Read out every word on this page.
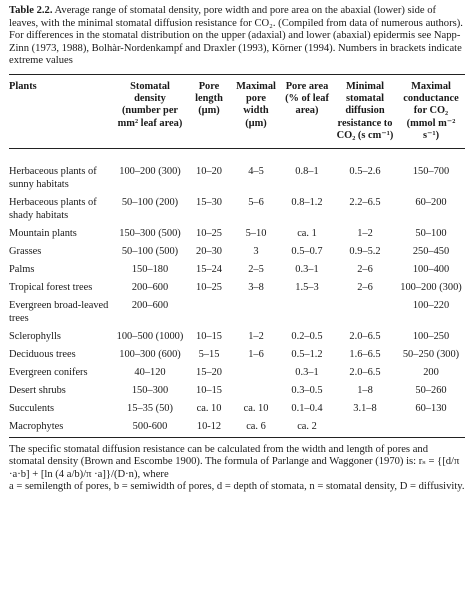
Table 2.2. Average range of stomatal density, pore width and pore area on the abaxial (lower) side of leaves, with the minimal stomatal diffusion resistance for CO₂. (Compiled from data of numerous authors). For differences in the stomatal distribution on the upper (adaxial) and lower (abaxial) epidermis see Napp-Zinn (1973, 1988), Bolhàr-Nordenkampf and Draxler (1993), Körner (1994). Numbers in brackets indicate extreme values
Plants	Stomatal density (number per mm² leaf area)	Pore length (µm)	Maximal pore width (µm)	Pore area (% of leaf area)	Minimal stomatal diffusion resistance to CO₂ (s cm⁻¹)	Maximal conductance for CO₂ (mmol m⁻² s⁻¹)
Herbaceous plants of sunny habitats	100–200 (300)	10–20	4–5	0.8–1	0.5–2.6	150–700
Herbaceous plants of shady habitats	50–100 (200)	15–30	5–6	0.8–1.2	2.2–6.5	60–200
Mountain plants	150–300 (500)	10–25	5–10	ca. 1	1–2	50–100
Grasses	50–100 (500)	20–30	3	0.5–0.7	0.9–5.2	250–450
Palms	150–180	15–24	2–5	0.3–1	2–6	100–400
Tropical forest trees	200–600	10–25	3–8	1.5–3	2–6	100–200 (300)
Evergreen broad-leaved trees	200–600					100–220
Sclerophylls	100–500 (1000)	10–15	1–2	0.2–0.5	2.0–6.5	100–250
Deciduous trees	100–300 (600)	5–15	1–6	0.5–1.2	1.6–6.5	50–250 (300)
Evergreen conifers	40–120	15–20		0.3–1	2.0–6.5	200
Desert shrubs	150–300	10–15		0.3–0.5	1–8	50–260
Succulents	15–35 (50)	ca. 10	ca. 10	0.1–0.4	3.1–8	60–130
Macrophytes	500-600	10-12	ca. 6	ca. 2		

The specific stomatal diffusion resistance can be calculated from the width and length of pores and stomatal density (Brown and Escombe 1900). The formula of Parlange and Waggoner (1970) is: rₛ = {[d/π ·a·b] + [ln (4 a/b)/π ·a]}/(D·n), where

a = semilength of pores, b = semiwidth of pores, d = depth of stomata, n = stomatal density, D = diffusivity.
